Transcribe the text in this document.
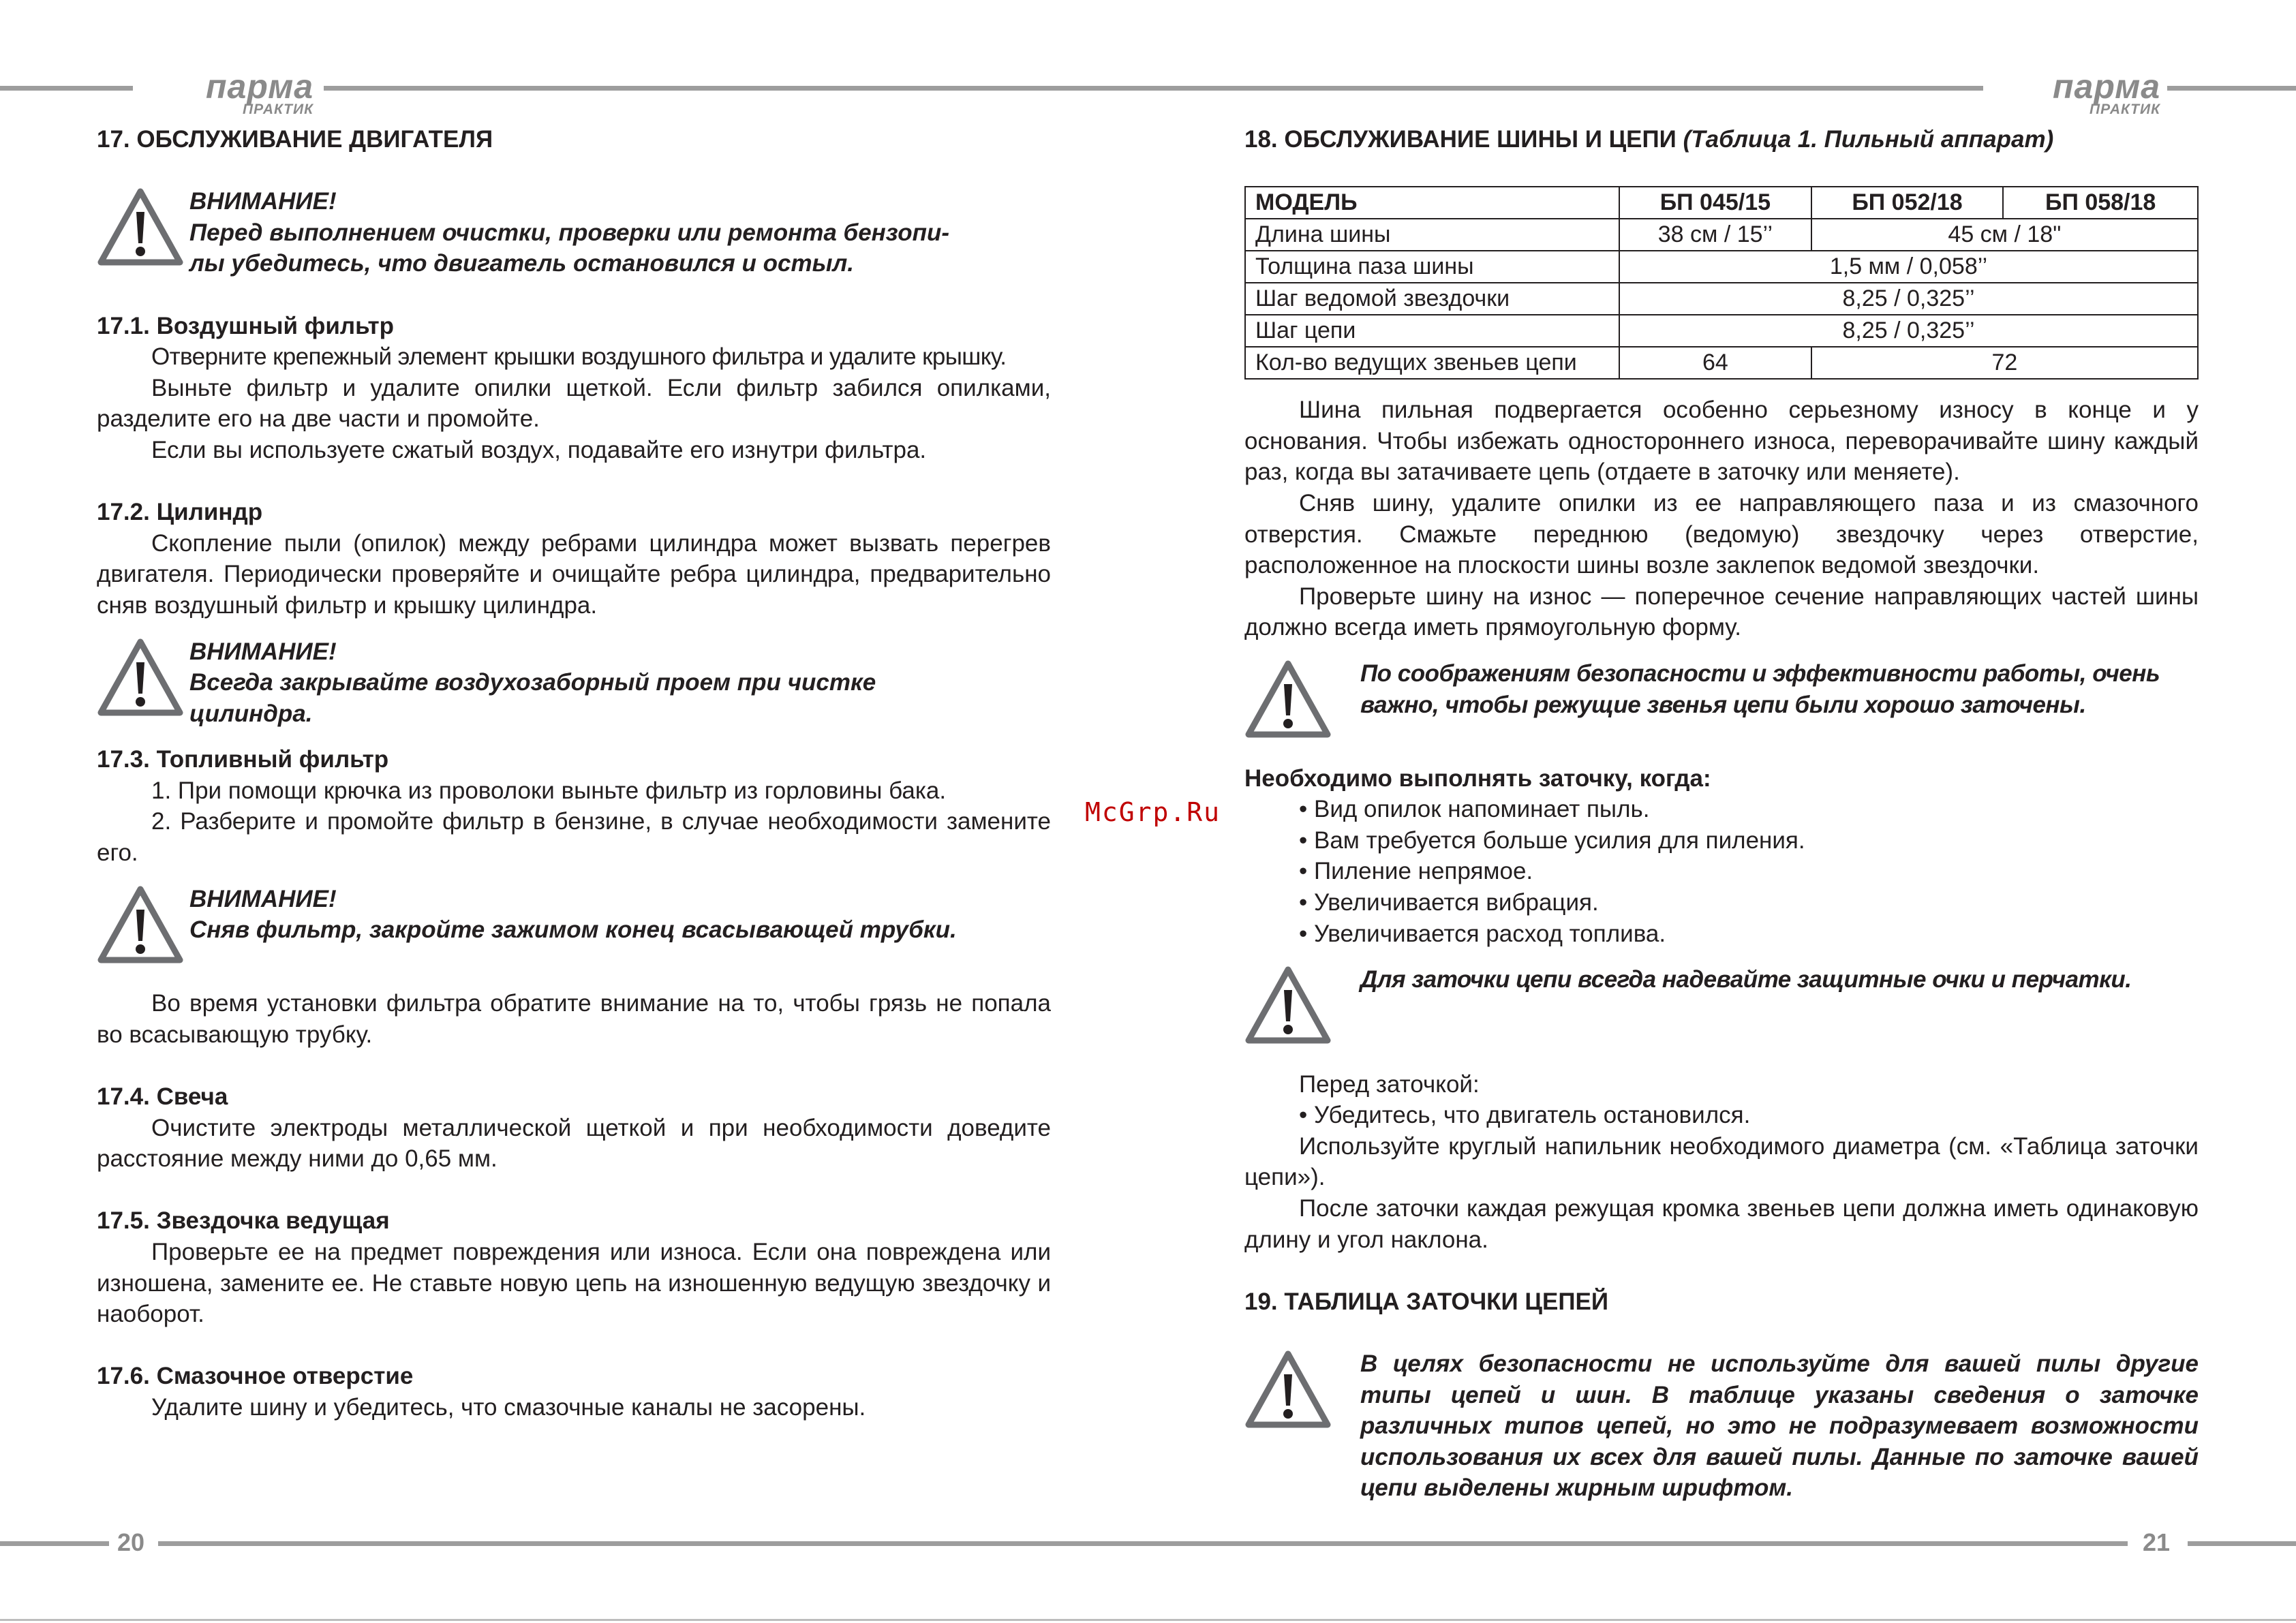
парма
ПРАКТИК
парма
ПРАКТИК
20	21
McGrp.Ru

17. ОБСЛУЖИВАНИЕ ДВИГАТЕЛЯ

ВНИМАНИЕ!
Перед выполнением очистки, проверки или ремонта бензопи-
лы убедитесь, что двигатель остановился и остыл.

17.1. Воздушный фильтр

Отверните крепежный элемент крышки воздушного фильтра и удалите крышку.

Выньте фильтр и удалите опилки щеткой. Если фильтр забился опилками, разделите его на две части и промойте.

Если вы используете сжатый воздух, подавайте его изнутри фильтра.

17.2. Цилиндр

Скопление пыли (опилок) между ребрами цилиндра может вызвать перегрев двигателя. Периодически проверяйте и очищайте ребра цилиндра, предварительно сняв воздушный фильтр и крышку цилиндра.

ВНИМАНИЕ!
Всегда закрывайте воздухозаборный проем при чистке
цилиндра.

17.3. Топливный фильтр

1. При помощи крючка из проволоки выньте фильтр из горловины бака.

2. Разберите и промойте фильтр в бензине, в случае необходимости замените его.

ВНИМАНИЕ!
Сняв фильтр, закройте зажимом конец всасывающей трубки.

Во время установки фильтра обратите внимание на то, чтобы грязь не попала во всасывающую трубку.

17.4. Свеча

Очистите электроды металлической щеткой и при необходимости доведите расстояние между ними до 0,65 мм.

17.5. Звездочка ведущая

Проверьте ее на предмет повреждения или износа. Если она повреждена или изношена, замените ее. Не ставьте новую цепь на изношенную ведущую звездочку и наоборот.

17.6. Смазочное отверстие

Удалите шину и убедитесь, что смазочные каналы не засорены.

18. ОБСЛУЖИВАНИЕ ШИНЫ И ЦЕПИ (Таблица 1. Пильный аппарат)

МОДЕЛЬ	БП 045/15	БП 052/18	БП 058/18
Длина шины	38 см / 15’’	45 см / 18"	
Толщина паза шины	1,5 мм / 0,058’’		
Шаг ведомой звездочки	8,25 / 0,325’’		
Шаг цепи	8,25 / 0,325’’		
Кол-во ведущих звеньев цепи	64	72	

Шина пильная подвергается особенно серьезному износу в конце и у основания. Чтобы избежать одностороннего износа, переворачивайте шину каждый раз, когда вы затачиваете цепь (отдаете в заточку или меняете).

Сняв шину, удалите опилки из ее направляющего паза и из смазочного отверстия. Смажьте переднюю (ведомую) звездочку через отверстие, расположенное на плоскости шины возле заклепок ведомой звездочки.

Проверьте шину на износ — поперечное сечение направляющих частей шины должно всегда иметь прямоугольную форму.

По соображениям безопасности и эффективности работы, очень
важно, чтобы режущие звенья цепи были хорошо заточены.

Необходимо выполнять заточку, когда:

• Вид опилок напоминает пыль.
• Вам требуется больше усилия для пиления.
• Пиление непрямое.
• Увеличивается вибрация.
• Увеличивается расход топлива.
Для заточки цепи всегда надевайте защитные очки и перчатки.

Перед заточкой:

• Убедитесь, что двигатель остановился.

Используйте круглый напильник необходимого диаметра (см. «Таблица заточки цепи»).

После заточки каждая режущая кромка звеньев цепи должна иметь одинаковую длину и угол наклона.

19. ТАБЛИЦА ЗАТОЧКИ ЦЕПЕЙ

В целях безопасности не используйте для вашей пилы другие типы цепей и шин. В таблице указаны сведения о заточке различных типов цепей, но это не подразумевает возможности использования их всех для вашей пилы. Данные по заточке вашей цепи выделены жирным шрифтом.
